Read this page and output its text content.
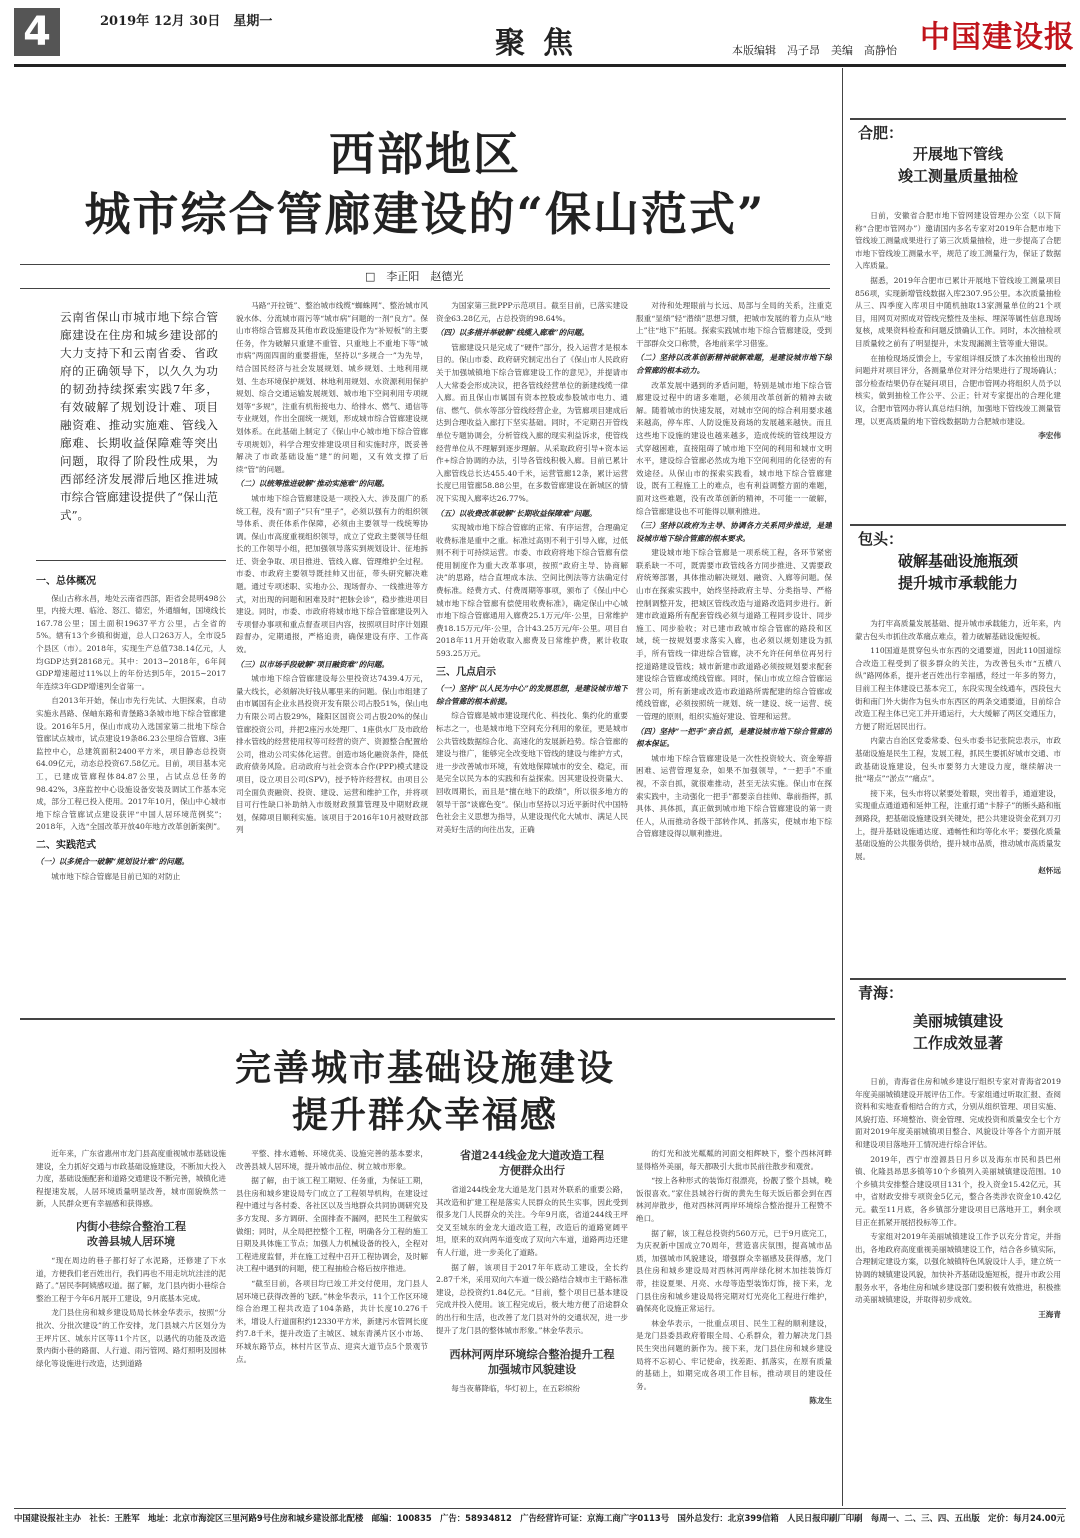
4	2019年 12月 30日　星期一
聚焦	本版编辑　冯子昂　美编　高静怡 中国建设报
西部地区
城市综合管廊建设的“保山范式”
□　李正阳　赵德光
云南省保山市城市地下综合管廊建设在住房和城乡建设部的大力支持下和云南省委、省政府的正确领导下，以久久为功的韧劲持续探索实践7年多，有效破解了规划设计难、项目融资难、推动实施难、管线入廊难、长期收益保障难等突出问题，取得了阶段性成果，为西部经济发展滞后地区推进城市综合管廊建设提供了“保山范式”。
一、总体概况

保山古称永昌，地处云南省西部，距省会昆明498公里，内接大理、临沧、怒江、德宏，外通缅甸，国境线长167.78公里；国土面积19637平方公里，占全省的5%。辖有13个乡镇和街道，总人口263万人，全市设5个县区（市）。2018年，实现生产总值738.14亿元，人均GDP达到28168元。其中：2013~2018年，6年间GDP增速超过11%以上的年份达到5年，2015~2017年连续3年GDP增速列全省第一。

自2013年开始，保山市先行先试、大胆探索，自动实施永昌路、保岫东路和青堡路3条城市地下综合管廊建设。2016年5月，保山市成功入选国家第二批地下综合管廊试点城市，试点建设19条86.23公里综合管廊、3座监控中心，总建筑面积2400平方米，项目静态总投资64.09亿元，动态总投资67.58亿元。目前，项目基本完工，已建成管廊程体84.87公里，占试点总任务的98.42%，3座监控中心设施设备安装及调试工作基本完成，部分工程已投入使用。2017年10月，保山中心城市地下综合管廊试点建设获评“中国人居环境范例奖”；2018年，入选“全国改革开放40年地方改革创新案例”。

二、实践范式

（一）以多规合一破解“规划设计难”的问题。

城市地下综合管廊是目前已知的对防止

马路“开拉链”、整治城市线缆“蜘蛛网”、整治城市风貌水体、分流城市雨污等“城市病”问题的一剂“良方”。保山市将综合管廊及其他市政设施建设作为“补短板”的主要任务，作为破解只重建不重管、只重地上不重地下等“城市病”两面四面的重要措施，坚持以“多规合一”为先导，结合国民经济与社会发展规划、城乡规划、土地利用规划、生态环境保护规划、林地利用规划、水资源利用保护规划、综合交通运输发展规划、城市地下空间利用专项规划等“多规”，注重有机衔接电力、给排水、燃气、通信等专业规划，作出全面统一规划，形成城市综合管廊建设规划体系。在此基础上制定了《保山中心城市地下综合管廊专项规划》，科学合理安排建设项目和实施时序，既妥善解决了市政基础设施“建”的问题，又有效支撑了后续“管”的问题。

（二）以统筹推进破解“推动实施难”的问题。

城市地下综合管廊建设是一项投入大、涉及面广的系统工程，没有“面子”只有“里子”，必须以强有力的组织领导体系、责任体系作保障，必须由主要领导一线统筹协调。保山市高度重视组织领导，成立了党政主要领导任组长的工作领导小组，把加强领导落实到规划设计、征地拆迁、资金争取、项目推进、管线入廊、管理维护全过程。市委、市政府主要领导既挂帅又出征，带头研究解决难题。通过专项述职、实地办公、现场督办、一线推进等方式，对出现的问题和困难及时“把脉会诊”，稳步推进项目建设。同时，市委、市政府将城市地下综合管廊建设列入专项督办事项和重点督查项目内容，按照项目时序计划跟踪督办，定期通报，严格追责，确保建设有序、工作高效。

（三）以市场手段破解“项目融资难”的问题。

城市地下综合管廊建设每公里投资达7439.4万元，量大线长，必须解决好钱从哪里来的问题。保山市组建了由市属国有企业永昌投资开发有限公司占股51%，保山电力有限公司占股29%，隆阳区国资公司占股20%的保山管廊投资公司，并把2座污水处理厂、1座供水厂及市政给排水管线的经营使用权等可经营的资产、资源整合配置给公司，推动公司实体化运营。创造市场化融资条件，降低政府债务风险。启动政府与社会资本合作(PPP)模式建设项目，设立项目公司(SPV)，授予特许经营权。由项目公司全面负责融资、投资、建设、运营和维护工作，并将项目可行性缺口补助纳入市级财政预算管理及中期财政规划，保障项目顺利实施。该项目于2016年10月被财政部列

为国家第三批PPP示范项目。截至目前，已落实建设资金63.28亿元，占总投资的98.64%。

（四）以多措并举破解“线缆入廊难”的问题。

管廊建设只是完成了“硬件”部分，投入运营才是根本目的。保山市委、政府研究制定出台了《保山市人民政府关于加强城镇地下综合管廊建设工作的意见》，并提请市人大常委会形成决议，把各管线经营单位的新建线缆一律入廊。而且保山市属国有资本控股或参股城市电力、通信、燃气、供水等部分管线经营企业，为管廊项目建成后达到合理收益入廊打下坚实基础。同时，不定期召开管线单位专题协调会，分析管线入廊的现实利益诉求，使管线经营单位从不理解到逐步理解。从采取政府引导+资本运作+综合协调的办法，引导各管线积极入廊。目前已累计入廊管线总长达455.40千米，运营管廊12条，累计运营长度已用管廊58.88公里，在多数管廊建设在新城区的情况下实现入廊率达26.77%。

（五）以收费改革破解“长期收益保障难”问题。

实现城市地下综合管廊的正常、有序运营，合理确定收费标准是重中之重。标准过高则不利于引导入廊，过低则不利于可持续运营。市委、市政府将地下综合管廊有偿使用制度作为重大改革事项，按照“政府主导、协商解决”的思路，结合直埋成本法、空间比例法等方法确定付费标准。经费方式、付费周期等事项，颁布了《保山中心城市地下综合管廊有偿使用收费标准》，确定保山中心城市地下综合管廊通用入廊费25.1万元/年·公里，日常维护费18.15万元/年·公里，合计43.25万元/年·公里。项目自2018年11月开始收取入廊费及日常维护费，累计收取593.25万元。

三、几点启示

（一）坚持“以人民为中心”的发展思想，是建设城市地下综合管廊的根本前提。

综合管廊是城市建设现代化、科技化、集约化的重要标志之一，也是城市地下空间充分利用的象征，更是城市公共管线数据综合化、高速化的发展新趋势。综合管廊的建设与推广，能够完全改变地下管线的建设与维护方式，进一步改善城市环境，有效地保障城市的安全、稳定，而是完全以民为本的实践和有益探索。因其建设投资量大、回收周期长，而且是“擅在地下的政绩”，所以很多地方的领导干部“谈廊色变”。保山市坚持以习近平新时代中国特色社会主义思想为指导，从建设现代化大城市、满足人民对美好生活的向往出发，正确

对待和处理眼前与长远、局部与全局的关系，注重克服重“显绩”轻“潜绩”思想习惯，把城市发展的着力点从“地上”往“地下”拓展。探索实践城市地下综合管廊建设，受到干部群众交口称赞，各地前来学习借鉴。

（二）坚持以改革创新精神破解难题，是建设城市地下综合管廊的根本动力。

改革发展中遇到的矛盾问题，特别是城市地下综合管廊建设过程中的诸多难题，必须用改革创新的精神去破解。随着城市的快速发展，对城市空间的综合利用要求越来越高，停车库、人防设施及商场的发展越来越快。而且这些地下设施的建设也越来越多，造成传统的管线埋设方式穿越困难，直接阻碍了城市地下空间的利用和城市文明水平，建设综合管廊必然成为地下空间利用的化径密的有效途径。从保山市的探索实践看，城市地下综合管廊建设，既有工程施工上的难点，也有利益调整方面的难题，面对这些难题，没有改革创新的精神，不可能一一破解，综合管廊建设也不可能得以顺利推进。

（三）坚持以政府为主导、协调各方关系同步推进，是建设城市地下综合管廊的根本要求。

建设城市地下综合管廊是一项系统工程，各环节紧密联系缺一不可，既需要市政管线各方同步推进、又需要政府统筹部署，具体推动解决规划、融资、入廊等问题。保山市在探索实践中，始终坚持政府主导、分类指导、严格控制调整开发，把城区管线改造与道路改造同步进行。新建市政道路所有配套管线必须与道路工程同步设计、同步施工、同步验收；对已建市政城市综合管廊的路段和区域，统一按规划要求落实入廊，也必须以规划建设为抓手，所有管线一律进综合管廊，决不允许任何单位再另行挖道路建设管线；城市新建市政道路必须按规划要求配套建设综合管廊或缆线管廊。同时，保山市成立综合管廊运营公司，所有新建或改造市政道路所需配建的综合管廊或缆线管廊，必须按照统一规划、统一建设、统一运营、统一管理的原则，组织实施好建设、管理和运营。

（四）坚持“一把手”亲自抓，是建设城市地下综合管廊的根本保证。

城市地下综合管廊建设是一次性投资较大、资金筹措困难、运营管理复杂，如果不加强领导，“一把手”不重视，不亲自抓，就很难推动，甚至无法实施。保山市在探索实践中，主动强化一把手”都要亲自挂帅、靠前指挥，抓具体、具体抓，真正做到城市地下综合管廊建设的第一责任人，从而推动各级干部转作风、抓落实，使城市地下综合管廊建设得以顺利推进。

完善城市基础设施建设
提升群众幸福感

近年来，广东省惠州市龙门县高度重视城市基础设施建设，全力抓好交通与市政基础设施建设，不断加大投入力度，基础设施配套和道路交通建设不断完善，城镇化进程提速发展，人居环境质量明显改善，城市面貌焕然一新，人民群众更有幸福感和获得感。

内街小巷综合整治工程
改善县城人居环境

“现在周边的巷子都打好了水泥路，还修建了下水道，方便我们老百姓出行，我们再也不用走坑坑洼洼的泥路了。”居民李阿姨感叹道。据了解，龙门县内街小巷综合整治工程于今年6月展开工建设，9月底基本完成。

龙门县住房和城乡建设局局长林金华表示，按照“分批次、分批次建设”的工作安排，龙门县城六片区划分为王坪片区、城东片区等11个片区，以遇代的功能及改造景内街小巷的路面、人行道、雨污管网、路灯照明及园林绿化等设施进行改造，达到道路

平整、排水通畅、环境优美、设施完善的基本要求，改善县城人居环境，提升城市品位、树立城市形象。

据了解，由于该工程工期短、任务重，为保证工期，县住房和城乡建设局专门成立了工程领导机构，在建设过程中通过与各村委、各社区以及当地群众共同协调研究及多方发现、多方调研、全面排查不漏网，把民生工程做实做细；同时，从全局把控整个工程，明确各分工程的施工日期及具体施工节点；加强人力机械设备的投入，全程对工程进度监督，并在施工过程中召开工程协调会，及时解决工程中遇到的问题，使工程抽检合格后按序推进。

“截至目前，各项目均已竣工并交付使用，龙门县人居环境已获得改善的飞跃。”林金华表示，11个工作区环境综合治理工程共改造了104条路，共计长度10.276千米，增设人行道面积约12330平方米，新建污水管网长度约7.8千米，提升改造了主城区、城东青溪片区小市场、环城东路节点，林村片区节点、迎宾大道节点5个景观节点。

省道244线金龙大道改造工程
方便群众出行

省道244线金龙大道是龙门县对外联系的重要公路，其改造和扩建工程是落实人民群众的民生实事，因此受到很多龙门人民群众的关注。今年9月底，省道244线王坪交叉至城东的金龙大道改造工程，改造后的道路宽阔平坦，原来的双向两车道变成了双向六车道，道路两边还建有人行道，进一步美化了道路。

据了解，该项目于2017年年底动工建设，全长约2.87千米，采用双向六车道一级公路结合城市主干路标准建设，总投资约1.84亿元。“目前，整个项目已基本建设完成并投入使用。该工程完成后，极大地方便了沿途群众的出行和生活，也改善了龙门县对外的交通状况，进一步提升了龙门县的整体城市形象。”林金华表示。

西林河两岸环境综合整治提升工程
加强城市风貌建设

每当夜幕降临，华灯初上，在五彩缤纷

的灯光和波光粼粼的河面交相辉映下，整个西林河畔显得格外美丽，每天都吸引大批市民前往散步和观赏。

“按上各种形式的装饰灯很漂亮，扮靓了整个县城，晚饭很喜欢。”家住县城谷行街的黄先生每天饭后都会到在西林河岸散步，他对西林河两岸环境综合整治提升工程赞不绝口。

据了解，该工程总投资约560万元，已于9月底完工，为庆祝新中国成立70周年，营造喜庆氛围，提高城市品质，加强城市风貌建设，增强群众幸福感及获得感，龙门县住房和城乡建设局对西林河两岸绿化树木加挂装饰灯带，挂设夏果、月亮、水母等造型装饰灯饰，接下来，龙门县住房和城乡建设局将完期对灯光亮化工程进行维护，确保亮化设施正常运行。

林金华表示，一批重点项目、民生工程的顺利建设，是龙门县委县政府着眼全局、心系群众，着力解决龙门县民生突出问题的新作为。接下来，龙门县住房和城乡建设局将不忘初心、牢记使命，找差距、抓落实，在原有质量的基础上，如期完成各项工作目标，推动项目的建设任务。

陈龙生

合肥：
开展地下管线
竣工测量质量抽检

日前，安徽省合肥市地下管网建设管理办公室（以下简称“合肥市管网办”）邀请国内多名专家对2019年合肥市地下管线竣工测量成果进行了第三次质量抽检，进一步提高了合肥市地下管线竣工测量水平，规范了竣工测量行为，保证了数据入库质量。

据悉，2019年合肥市已累计开展地下管线竣工测量项目856项，实现新增管线数据入库2307.95公里。本次质量抽检从三、四季度入库项目中随机抽取13家测量单位的21个项目，用网页对照成对管线完整性及坐标、埋深等属性信息现场复核，成果资料检查和问题反馈确认工作。同时，本次抽检项目质量较之前有了明显提升，未发现漏测主管等重大错误。

在抽检现场反馈会上，专家组详细反馈了本次抽检出现的问题并对项目评分，各测量单位对评分结果进行了现场确认；部分检查结果仍存在疑问项目，合肥市管网办将组织人员予以核实，做到抽检工作公平、公正；针对专家提出的合理化建议，合肥市管网办将认真总结归纳，加强地下管线竣工测量管理，以更高质量的地下管线数据助力合肥城市建设。

李宏伟

包头：
破解基础设施瓶颈
提升城市承载能力

为打牢高质量发展基础、提升城市承载能力，近年来，内蒙古包头市抓住改革痛点难点，着力破解基础设施短板。

110国道是贯穿包头市东西的交通要道，因此110国道综合改造工程受到了很多群众的关注，为改善包头市“五横八纵”路网体系，提升老百姓出行幸福感，经过一年多的努力，目前工程主体建设已基本完工，东段实现全线通车，西段包大街和南门外大街作为包头市东西区的两条交通要道，目前综合改造工程主体已完工并开通运行，大大缓解了两区交通压力，方便了附近居民出行。

内蒙古自治区党委常委、包头市委书记张院忠表示，市政基础设施是民生工程，发展工程，抓民生要抓好城市交通、市政基础设施建设，包头市要努力大建设力度，继续解决一批“堵点”“淤点”“痛点”。

接下来，包头市将以紧要处着眼，突出着手，通道建设，实现重点通道通和延伸工程，注重打通“卡脖子”的断头路和瓶颈路段，把基础设施建设到关键处，把公共建设资金花到刀刃上，提升基础设施通达度、通畅性和均等化水平；要强化质量基础设施的公共服务供给，提升城市品质，推动城市高质量发展。

赵怀远

青海：
美丽城镇建设
工作成效显著

日前，青海省住房和城乡建设厅组织专家对青海省2019年度美丽城镇建设开展评估工作。专家组通过听取汇报、查阅资料和实地查看相结合的方式，分别从组织管理、项目实施、风貌打造、环境整治、资金管理、完成投资和质量安全七个方面对2019年度美丽城镇项目整合、风貌设计等各个方面开展和建设项目落地开工情况进行综合评估。

2019年，西宁市湟源县日月乡以及海东市民和县巴州镇、化隆县昂思多镇等10个乡镇列入美丽城镇建设范围。10个乡镇共安排整合建设项目131个，投入资金15.42亿元，其中，省财政安排专项资金5亿元，整合各类涉农资金10.42亿元。截至11月底，各乡镇部分建设项目已落地开工，剩余项目正在抓紧开展招投标等工作。

专家组对2019年美丽城镇建设工作予以充分肯定，并指出，各地政府高度重视美丽城镇建设工作，结合各乡镇实际，合理制定建设方案，以强化城镇特色风貌设计人手，建立统一协调的城镇建设风貌，加快补齐基础设施短板，提升市政公用服务水平，各地住房和城乡建设部门要积极有效推进，积极推动美丽城镇建设，并取得初步成效。

王海青

中国建设报社主办　社长：王胜军　地址：北京市海淀区三里河路9号住房和城乡建设部北配楼　邮编：100835　广告：58934812　广告经营许可证：京海工商广字0113号　国外总发行：北京399信箱　人民日报印刷厂印刷　每周一、二、三、四、五出版　定价：每月24.00元
